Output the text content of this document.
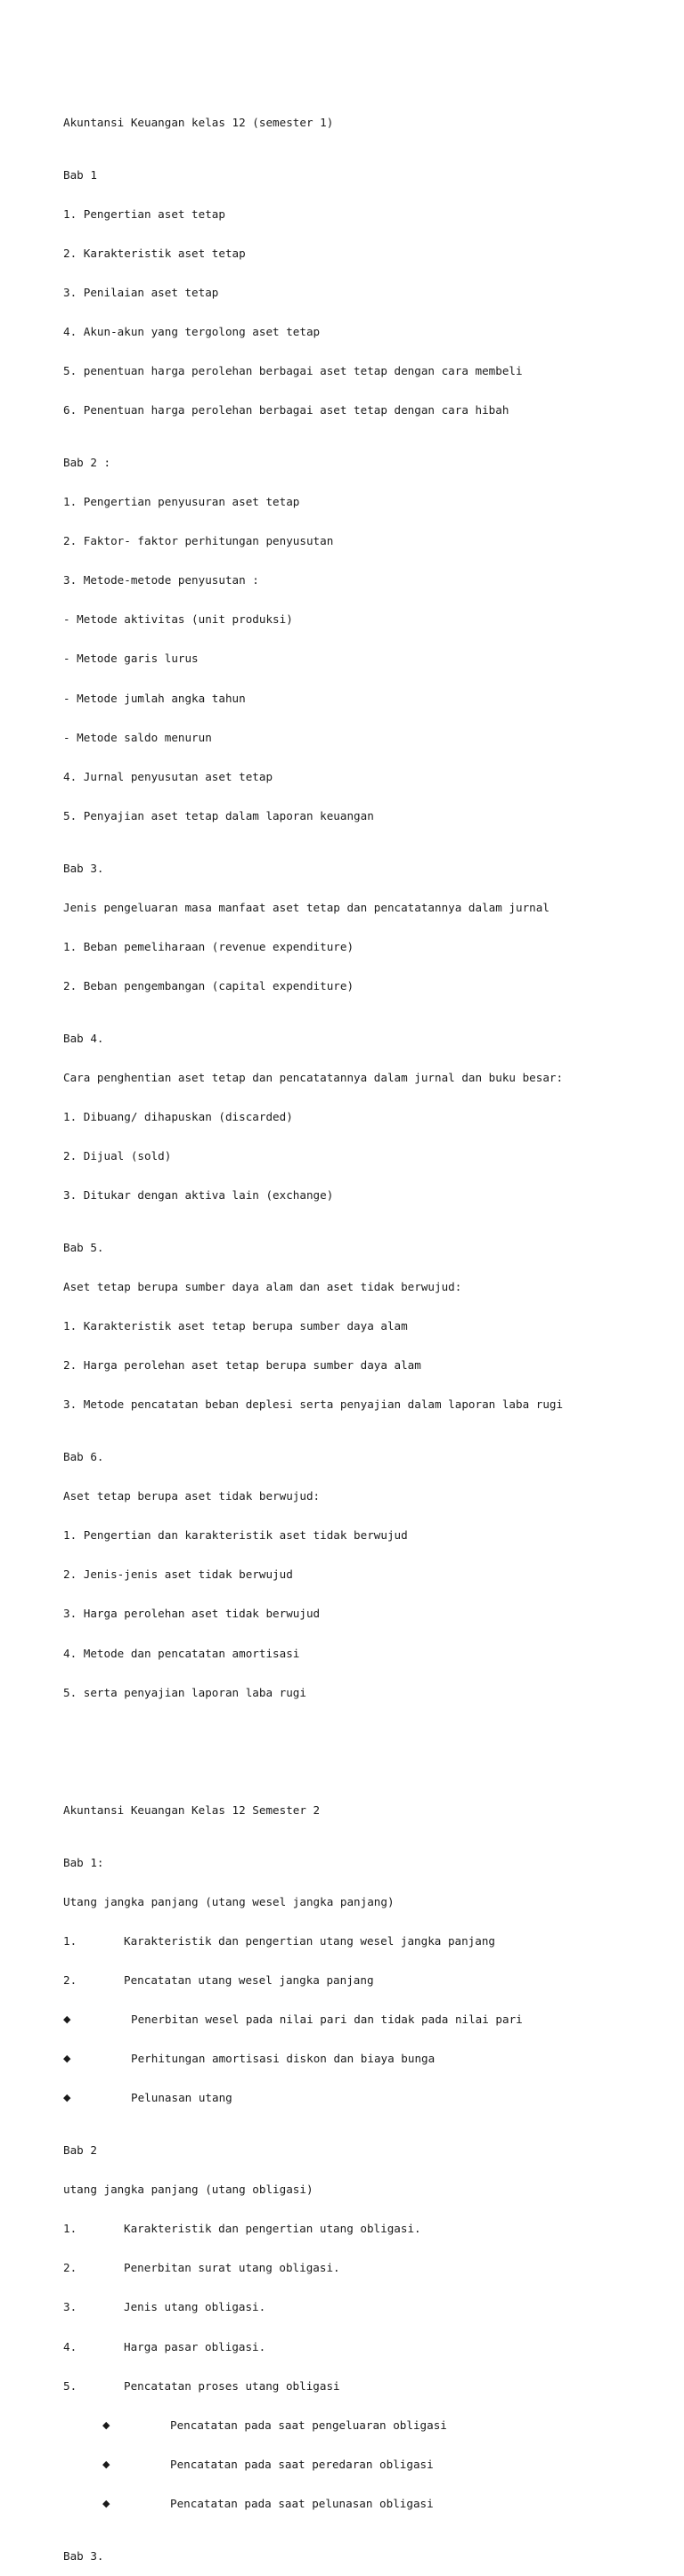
Akuntansi Keuangan kelas 12 (semester 1)

Bab 1

1. Pengertian aset tetap

2. Karakteristik aset tetap

3. Penilaian aset tetap

4. Akun-akun yang tergolong aset tetap

5. penentuan harga perolehan berbagai aset tetap dengan cara membeli

6. Penentuan harga perolehan berbagai aset tetap dengan cara hibah

Bab 2 :

1. Pengertian penyusuran aset tetap

2. Faktor- faktor perhitungan penyusutan

3. Metode-metode penyusutan :

- Metode aktivitas (unit produksi)

- Metode garis lurus

- Metode jumlah angka tahun

- Metode saldo menurun

4. Jurnal penyusutan aset tetap

5. Penyajian aset tetap dalam laporan keuangan

Bab 3.

Jenis pengeluaran masa manfaat aset tetap dan pencatatannya dalam jurnal

1. Beban pemeliharaan (revenue expenditure)

2. Beban pengembangan (capital expenditure)

Bab 4.

Cara penghentian aset tetap dan pencatatannya dalam jurnal dan buku besar:

1. Dibuang/ dihapuskan (discarded)

2. Dijual (sold)

3. Ditukar dengan aktiva lain (exchange)

Bab 5.

Aset tetap berupa sumber daya alam dan aset tidak berwujud:

1. Karakteristik aset tetap berupa sumber daya alam

2. Harga perolehan aset tetap berupa sumber daya alam

3. Metode pencatatan beban deplesi serta penyajian dalam laporan laba rugi

Bab 6.

Aset tetap berupa aset tidak berwujud:

1. Pengertian dan karakteristik aset tidak berwujud

2. Jenis-jenis aset tidak berwujud

3. Harga perolehan aset tidak berwujud

4. Metode dan pencatatan amortisasi

5. serta penyajian laporan laba rugi

Akuntansi Keuangan Kelas 12 Semester 2

Bab 1:

Utang jangka panjang (utang wesel jangka panjang)

1.	Karakteristik dan pengertian utang wesel jangka panjang

2.	Pencatatan utang wesel jangka panjang

◆	Penerbitan wesel pada nilai pari dan tidak pada nilai pari

◆	Perhitungan amortisasi diskon dan biaya bunga

◆	Pelunasan utang

Bab 2

utang jangka panjang (utang obligasi)

1.	Karakteristik dan pengertian utang obligasi.

2.	Penerbitan surat utang obligasi.

3.	Jenis utang obligasi.

4.	Harga pasar obligasi.

5.	Pencatatan proses utang obligasi

◆	Pencatatan pada saat pengeluaran obligasi

◆	Pencatatan pada saat peredaran obligasi

◆	Pencatatan pada saat pelunasan obligasi

Bab 3.
